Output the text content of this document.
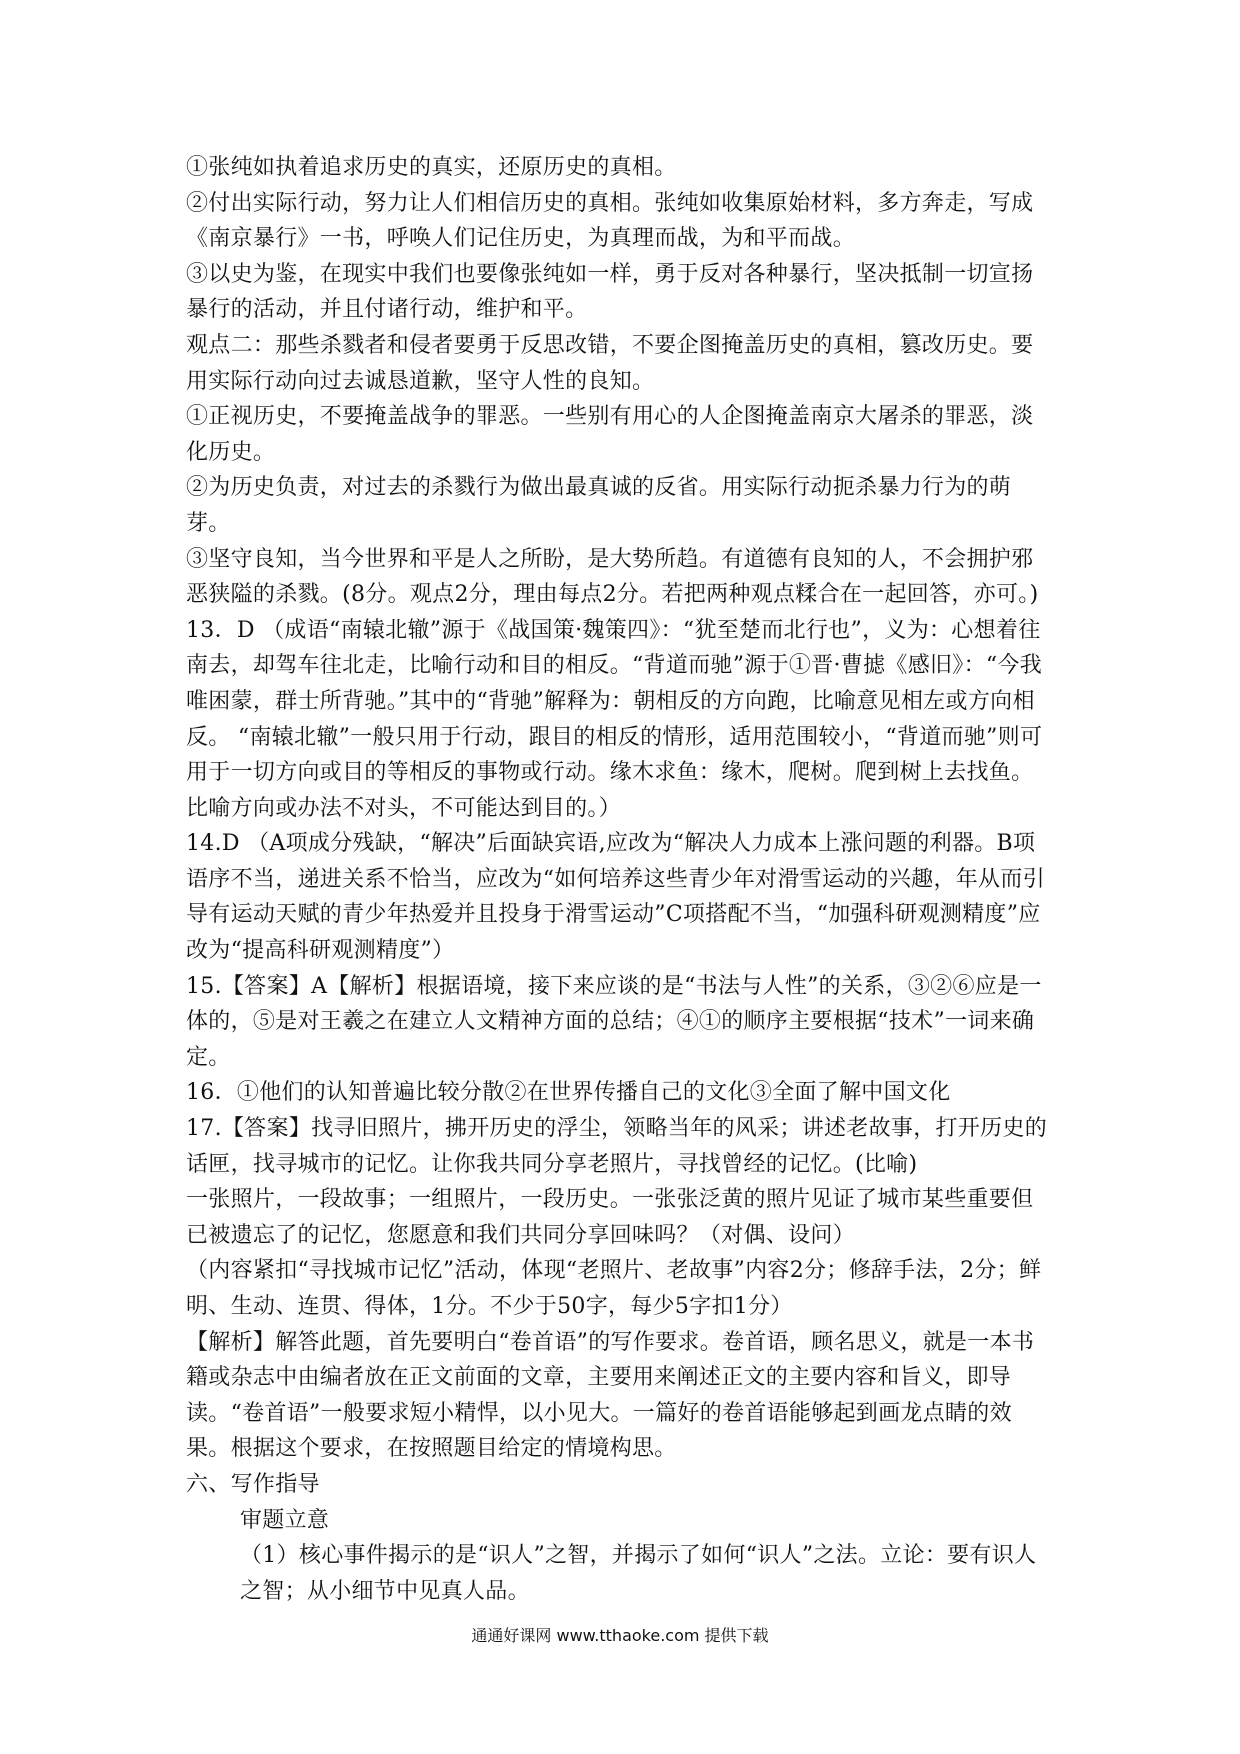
①张纯如执着追求历史的真实，还原历史的真相。

②付出实际行动，努力让人们相信历史的真相。张纯如收集原始材料，多方奔走，写成《南京暴行》一书，呼唤人们记住历史，为真理而战，为和平而战。

③以史为鉴，在现实中我们也要像张纯如一样，勇于反对各种暴行，坚决抵制一切宣扬暴行的活动，并且付诸行动，维护和平。

观点二：那些杀戮者和侵者要勇于反思改错，不要企图掩盖历史的真相，篡改历史。要用实际行动向过去诚恳道歉，坚守人性的良知。

①正视历史，不要掩盖战争的罪恶。一些别有用心的人企图掩盖南京大屠杀的罪恶，淡化历史。

②为历史负责，对过去的杀戮行为做出最真诚的反省。用实际行动扼杀暴力行为的萌芽。

③坚守良知，当今世界和平是人之所盼，是大势所趋。有道德有良知的人，不会拥护邪恶狭隘的杀戮。(8分。观点2分，理由每点2分。若把两种观点糅合在一起回答，亦可。)

13．D （成语“南辕北辙”源于《战国策·魏策四》：“犹至楚而北行也”，义为：心想着往南去，却驾车往北走，比喻行动和目的相反。“背道而驰”源于①晋·曹摅《感旧》：“今我唯困蒙，群士所背驰。”其中的“背驰”解释为：朝相反的方向跑，比喻意见相左或方向相反。 “南辕北辙”一般只用于行动，跟目的相反的情形，适用范围较小，“背道而驰”则可用于一切方向或目的等相反的事物或行动。缘木求鱼：缘木，爬树。爬到树上去找鱼。比喻方向或办法不对头，不可能达到目的。）

14.D （A项成分残缺，“解决”后面缺宾语,应改为“解决人力成本上涨问题的利器。B项语序不当，递进关系不恰当，应改为“如何培养这些青少年对滑雪运动的兴趣，年从而引导有运动天赋的青少年热爱并且投身于滑雪运动”C项搭配不当，“加强科研观测精度”应改为“提高科研观测精度”）

15.【答案】A【解析】根据语境，接下来应谈的是“书法与人性”的关系，③②⑥应是一体的，⑤是对王羲之在建立人文精神方面的总结；④①的顺序主要根据“技术”一词来确定。

16．①他们的认知普遍比较分散②在世界传播自己的文化③全面了解中国文化

17.【答案】找寻旧照片，拂开历史的浮尘，领略当年的风采；讲述老故事，打开历史的话匣，找寻城市的记忆。让你我共同分享老照片，寻找曾经的记忆。(比喻)

一张照片，一段故事；一组照片，一段历史。一张张泛黄的照片见证了城市某些重要但已被遗忘了的记忆，您愿意和我们共同分享回味吗？（对偶、设问）

（内容紧扣“寻找城市记忆”活动，体现“老照片、老故事”内容2分；修辞手法，2分；鲜明、生动、连贯、得体，1分。不少于50字，每少5字扣1分）

【解析】解答此题，首先要明白“卷首语”的写作要求。卷首语，顾名思义，就是一本书籍或杂志中由编者放在正文前面的文章，主要用来阐述正文的主要内容和旨义，即导读。“卷首语”一般要求短小精悍，以小见大。一篇好的卷首语能够起到画龙点睛的效果。根据这个要求，在按照题目给定的情境构思。

六、写作指导

审题立意

（1）核心事件揭示的是“识人”之智，并揭示了如何“识人”之法。立论：要有识人之智；从小细节中见真人品。

通通好课网 www.tthaoke.com 提供下载
